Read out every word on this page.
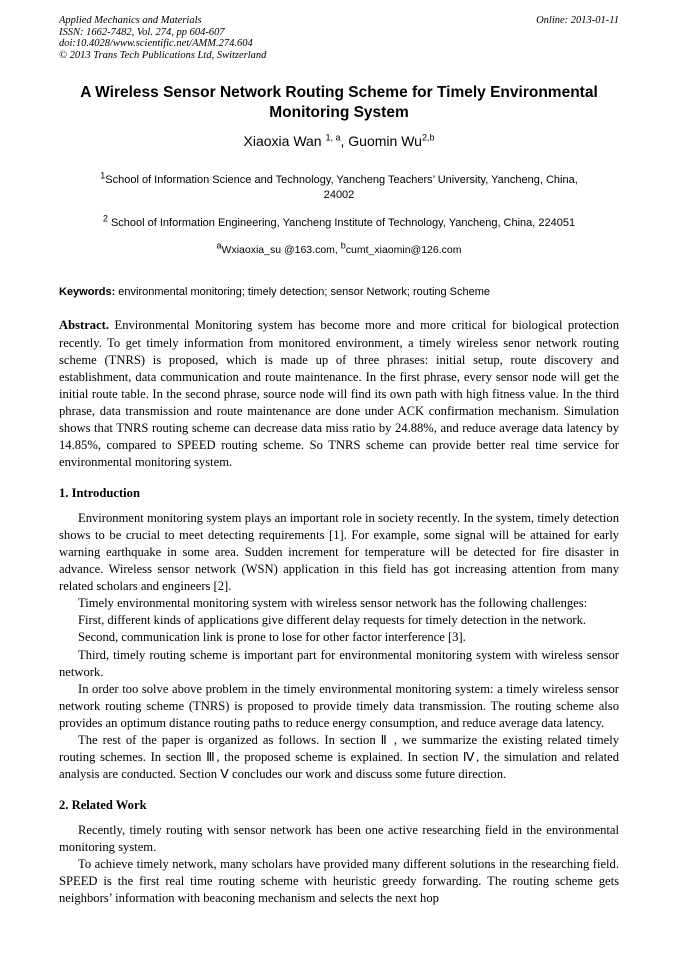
Applied Mechanics and Materials	Online: 2013-01-11
ISSN: 1662-7482, Vol. 274, pp 604-607
doi:10.4028/www.scientific.net/AMM.274.604
© 2013 Trans Tech Publications Ltd, Switzerland
A Wireless Sensor Network Routing Scheme for Timely Environmental Monitoring System
Xiaoxia Wan $^{1, a}$, Guomin Wu$^{2,b}$
$^1$School of Information Science and Technology, Yancheng Teachers’ University, Yancheng, China, 24002
$^2$ School of Information Engineering, Yancheng Institute of Technology, Yancheng, China, 224051
$^a$Wxiaoxia_su @163.com, $^b$cumt_xiaomin@126.com
Keywords: environmental monitoring; timely detection; sensor Network; routing Scheme
Abstract. Environmental Monitoring system has become more and more critical for biological protection recently. To get timely information from monitored environment, a timely wireless senor network routing scheme (TNRS) is proposed, which is made up of three phrases: initial setup, route discovery and establishment, data communication and route maintenance. In the first phrase, every sensor node will get the initial route table. In the second phrase, source node will find its own path with high fitness value. In the third phrase, data transmission and route maintenance are done under ACK confirmation mechanism. Simulation shows that TNRS routing scheme can decrease data miss ratio by 24.88%, and reduce average data latency by 14.85%, compared to SPEED routing scheme. So TNRS scheme can provide better real time service for environmental monitoring system.
1. Introduction

Environment monitoring system plays an important role in society recently. In the system, timely detection shows to be crucial to meet detecting requirements [1]. For example, some signal will be attained for early warning earthquake in some area. Sudden increment for temperature will be detected for fire disaster in advance. Wireless sensor network (WSN) application in this field has got increasing attention from many related scholars and engineers [2].

Timely environmental monitoring system with wireless sensor network has the following challenges:

First, different kinds of applications give different delay requests for timely detection in the network.

Second, communication link is prone to lose for other factor interference [3].

Third, timely routing scheme is important part for environmental monitoring system with wireless sensor network.

In order too solve above problem in the timely environmental monitoring system: a timely wireless sensor network routing scheme (TNRS) is proposed to provide timely data transmission. The routing scheme also provides an optimum distance routing paths to reduce energy consumption, and reduce average data latency.

The rest of the paper is organized as follows. In section Ⅱ , we summarize the existing related timely routing schemes. In section Ⅲ, the proposed scheme is explained. In section Ⅳ, the simulation and related analysis are conducted. Section Ⅴ concludes our work and discuss some future direction.

2. Related Work

Recently, timely routing with sensor network has been one active researching field in the environmental monitoring system.

To achieve timely network, many scholars have provided many different solutions in the researching field. SPEED is the first real time routing scheme with heuristic greedy forwarding. The routing scheme gets neighbors’ information with beaconing mechanism and selects the next hop
